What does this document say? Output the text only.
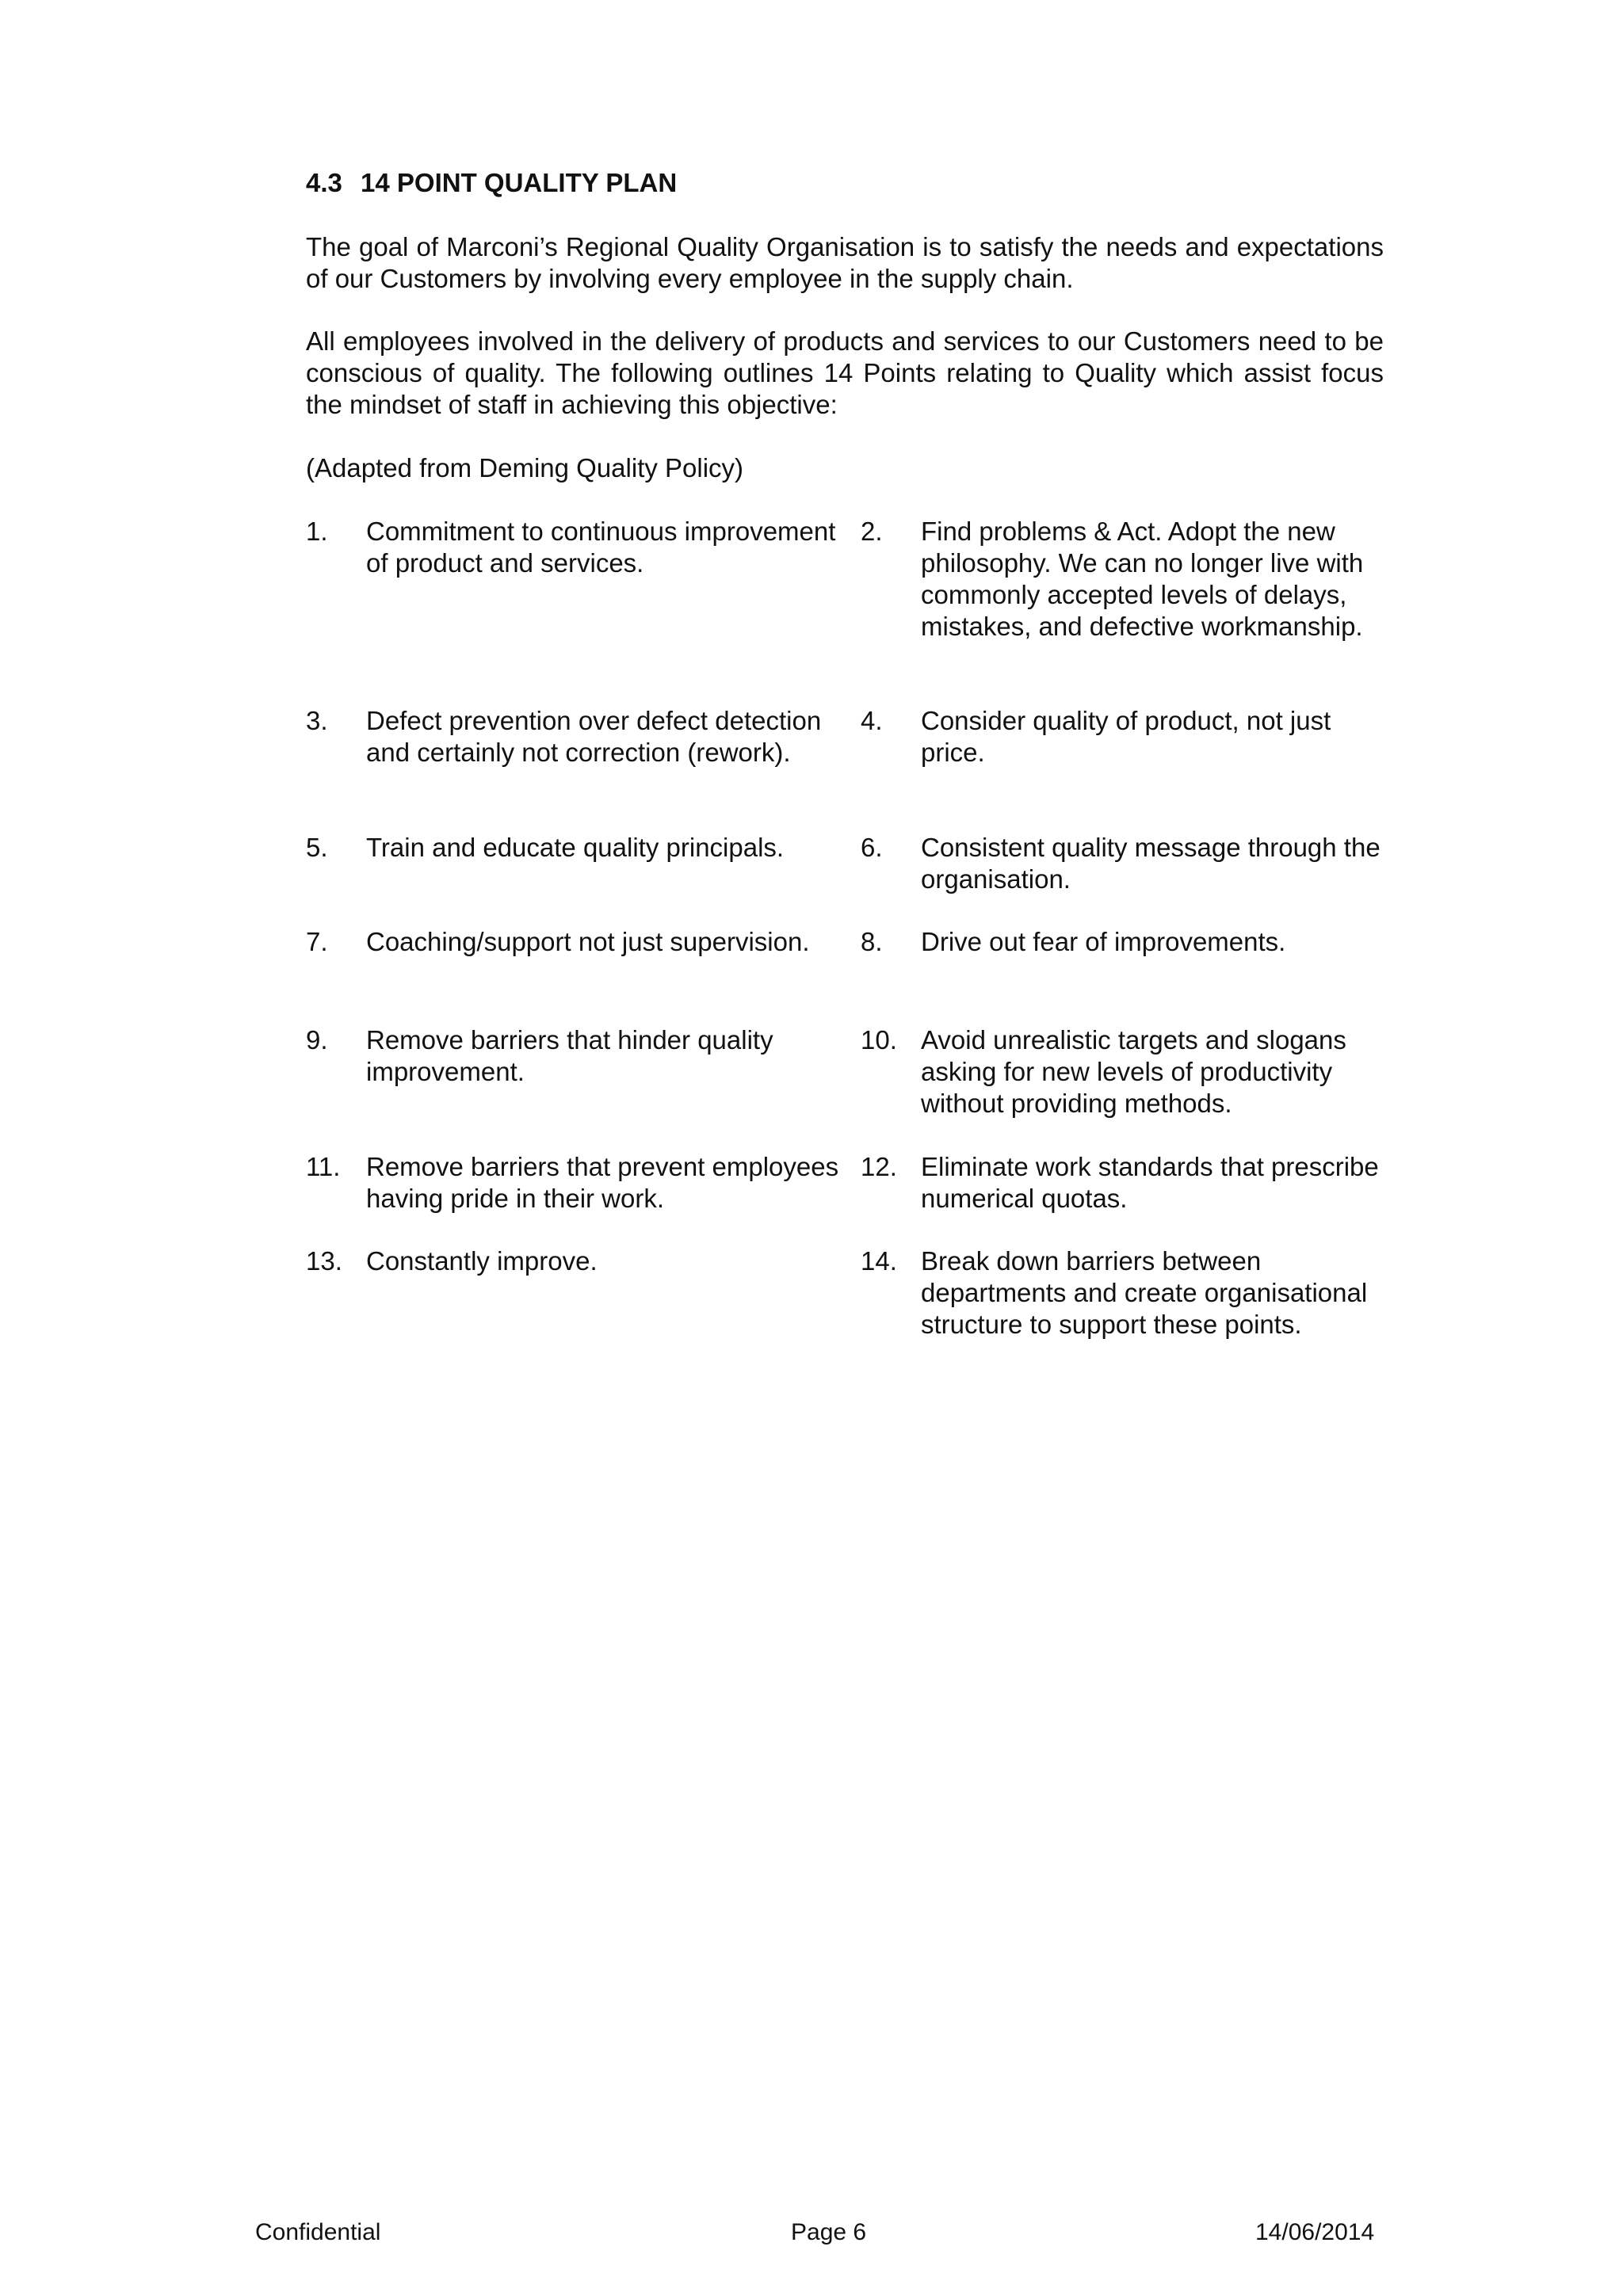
4.3 14 POINT QUALITY PLAN
The goal of Marconi’s Regional Quality Organisation is to satisfy the needs and expectations of our Customers by involving every employee in the supply chain.
All employees involved in the delivery of products and services to our Customers need to be conscious of quality. The following outlines 14 Points relating to Quality which assist focus the mindset of staff in achieving this objective:
(Adapted from Deming Quality Policy)
1.	Commitment to continuous improvement of product and services.
2.	Find problems & Act. Adopt the new philosophy. We can no longer live with commonly accepted levels of delays, mistakes, and defective workmanship.
3.	Defect prevention over defect detection and certainly not correction (rework).
4.	Consider quality of product, not just price.
5.	Train and educate quality principals.	6.	Consistent quality message through the organisation.
7.	Coaching/support not just supervision.	8.	Drive out fear of improvements.
9.	Remove barriers that hinder quality improvement.
10. Avoid unrealistic targets and slogans asking for new levels of productivity without providing methods.
11. Remove barriers that prevent employees having pride in their work.
12. Eliminate work standards that prescribe numerical quotas.
13. Constantly improve.	14. Break down barriers between departments and create organisational structure to support these points.
Confidential	Page 6	14/06/2014
